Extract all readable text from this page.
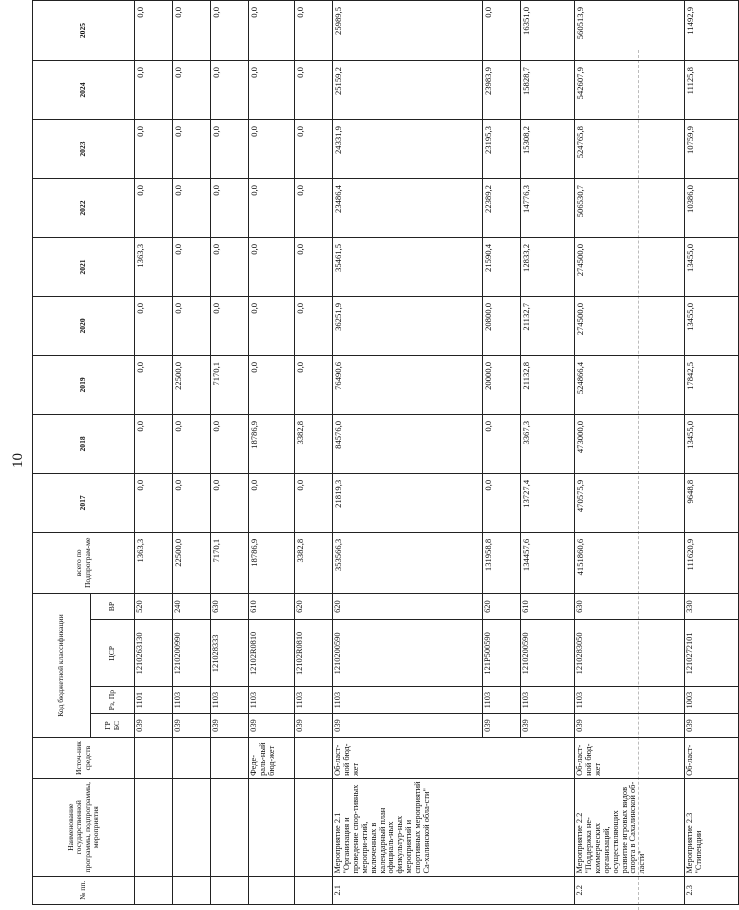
10
№ пп.	Наименование государственной программы, подпрограммы, мероприятия	Источ-ник средств	Код бюджетной классификации				всего по Подпрограм-ме	2017	2018	2019	2020	2021	2022	2023	2024	2025
			ГР БС	Рз, Пр	ЦСР	ВР										
			039	1101	1210263130	520	1363,3	0,0	0,0	0,0	0,0	1363,3	0,0	0,0	0,0	0,0
			039	1103	1210200990	240	22500,0	0,0	0,0	22500,0	0,0	0,0	0,0	0,0	0,0	0,0
			039	1103	121028333	630	7170,1	0,0	0,0	7170,1	0,0	0,0	0,0	0,0	0,0	0,0
		Феде-раль-ный бюд-жет	039	1103	12102R0810	610	18786,9	0,0	18786,9	0,0	0,0	0,0	0,0	0,0	0,0	0,0
			039	1103	12102R0810	620	3382,8	0,0	3382,8	0,0	0,0	0,0	0,0	0,0	0,0	0,0
2.1	Мероприятие 2.1 "Организация и проведение спор-тивных меропри-ятий, включенных в календарный план официаль-ных физкультур-ных мероприятий и спортивных мероприятий Са-халинской обла-сти"	Об-ласт-ной бюд-жет	039	1103	1210200590	620	353566,3	21819,3	84576,0	76490,6	36251,9	35461,5	23486,4	24331,9	25159,2	25989,5
			039	1103	121P500590	620	131958,8	0,0	0,0	20000,0	20800,0	21590,4	22389,2	23195,3	23983,9	0,0
			039	1103	1210200590	610	134457,6	13727,4	3367,3	21132,8	21132,7	12833,2	14776,3	15308,2	15828,7	16351,0
2.2	Мероприятие 2.2 "Поддержка не-коммерческих организаций, осуществляющих развитие игровых видов спорта в Сахалинской об-ласти"	Об-ласт-ной бюд-жет	039	1103	1210283050	630	4151860,6	470575,9	473000,0	524866,4	274500,0	274500,0	506530,7	524765,8	542607,9	560513,9
2.3	Мероприятие 2.3 "Стипендии	Об-ласт-	039	1003	1210272101	330	111620,9	9648,8	13455,0	17842,5	13455,0	13455,0	10386,0	10759,9	11125,8	11492,9
